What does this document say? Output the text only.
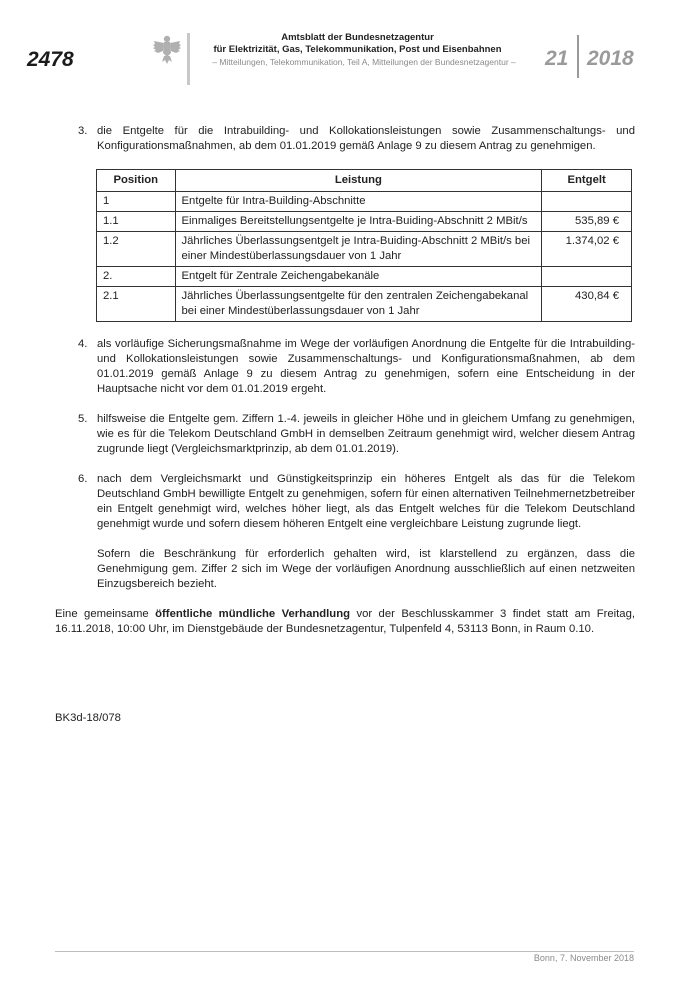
2478
Amtsblatt der Bundesnetzagentur
für Elektrizität, Gas, Telekommunikation, Post und Eisenbahnen
– Mitteilungen, Telekommunikation, Teil A, Mitteilungen der Bundesnetzagentur –	21 2018
3. die Entgelte für die Intrabuilding- und Kollokationsleistungen sowie Zusammenschaltungs- und Konfigurationsmaßnahmen, ab dem 01.01.2019 gemäß Anlage 9 zu diesem Antrag zu genehmigen.
Position	Leistung	Entgelt
1	Entgelte für Intra-Building-Abschnitte	
1.1	Einmaliges Bereitstellungsentgelte je Intra-Buiding-Abschnitt 2 MBit/s	535,89 €
1.2	Jährliches Überlassungsentgelt je Intra-Buiding-Abschnitt 2 MBit/s bei einer Mindestüberlassungsdauer von 1 Jahr	1.374,02 €
2.	Entgelt für Zentrale Zeichengabekanäle	
2.1	Jährliches Überlassungsentgelte für den zentralen Zeichengabekanal bei einer Mindestüberlassungsdauer von 1 Jahr	430,84 €
4. als vorläufige Sicherungsmaßnahme im Wege der vorläufigen Anordnung die Entgelte für die Intrabuilding- und Kollokationsleistungen sowie Zusammenschaltungs- und Konfigurationsmaßnahmen, ab dem 01.01.2019 gemäß Anlage 9 zu diesem Antrag zu genehmigen, sofern eine Entscheidung in der Hauptsache nicht vor dem 01.01.2019 ergeht.
5. hilfsweise die Entgelte gem. Ziffern 1.-4. jeweils in gleicher Höhe und in gleichem Umfang zu genehmigen, wie es für die Telekom Deutschland GmbH in demselben Zeitraum genehmigt wird, welcher diesem Antrag zugrunde liegt (Vergleichsmarktprinzip, ab dem 01.01.2019).
6. nach dem Vergleichsmarkt und Günstigkeitsprinzip ein höheres Entgelt als das für die Telekom Deutschland GmbH bewilligte Entgelt zu genehmigen, sofern für einen alternativen Teilnehmernetzbetreiber ein Entgelt genehmigt wird, welches höher liegt, als das Entgelt welches für die Telekom Deutschland genehmigt wurde und sofern diesem höheren Entgelt eine vergleichbare Leistung zugrunde liegt.
Sofern die Beschränkung für erforderlich gehalten wird, ist klarstellend zu ergänzen, dass die Genehmigung gem. Ziffer 2 sich im Wege der vorläufigen Anordnung ausschließlich auf einen netzweiten Einzugsbereich bezieht.
Eine gemeinsame öffentliche mündliche Verhandlung vor der Beschlusskammer 3 findet statt am Freitag, 16.11.2018, 10:00 Uhr, im Dienstgebäude der Bundesnetzagentur, Tulpenfeld 4, 53113 Bonn, in Raum 0.10.
BK3d-18/078
Bonn, 7. November 2018
